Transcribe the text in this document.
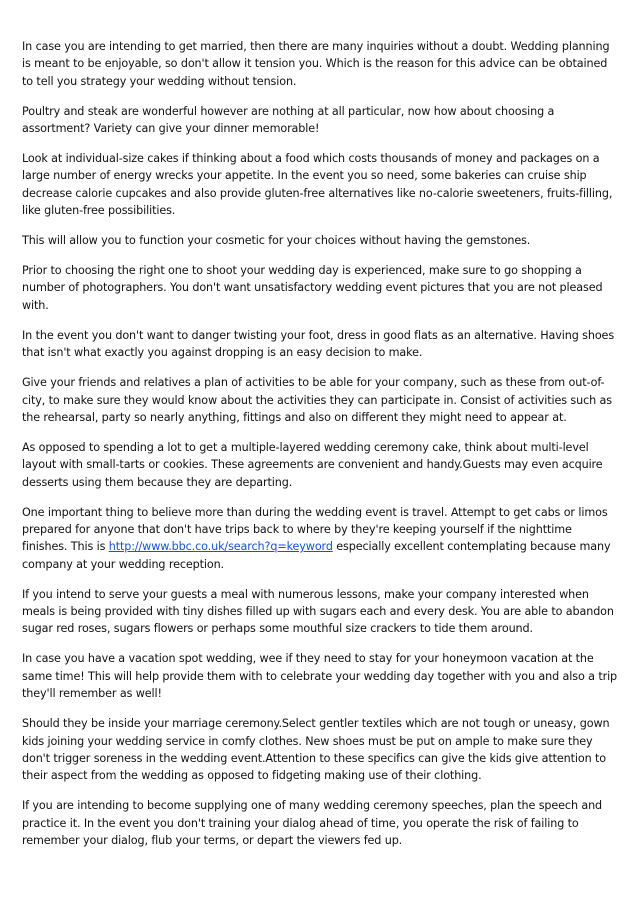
In case you are intending to get married, then there are many inquiries without a doubt. Wedding planning is meant to be enjoyable, so don't allow it tension you. Which is the reason for this advice can be obtained to tell you strategy your wedding without tension.

Poultry and steak are wonderful however are nothing at all particular, now how about choosing a assortment? Variety can give your dinner memorable!

Look at individual-size cakes if thinking about a food which costs thousands of money and packages on a large number of energy wrecks your appetite. In the event you so need, some bakeries can cruise ship decrease calorie cupcakes and also provide gluten-free alternatives like no-calorie sweeteners, fruits-filling, like gluten-free possibilities.

This will allow you to function your cosmetic for your choices without having the gemstones.

Prior to choosing the right one to shoot your wedding day is experienced, make sure to go shopping a number of photographers. You don't want unsatisfactory wedding event pictures that you are not pleased with.

In the event you don't want to danger twisting your foot, dress in good flats as an alternative. Having shoes that isn't what exactly you against dropping is an easy decision to make.

Give your friends and relatives a plan of activities to be able for your company, such as these from out-of-city, to make sure they would know about the activities they can participate in. Consist of activities such as the rehearsal, party so nearly anything, fittings and also on different they might need to appear at.

As opposed to spending a lot to get a multiple-layered wedding ceremony cake, think about multi-level layout with small-tarts or cookies. These agreements are convenient and handy.Guests may even acquire desserts using them because they are departing.

One important thing to believe more than during the wedding event is travel. Attempt to get cabs or limos prepared for anyone that don't have trips back to where by they're keeping yourself if the nighttime finishes. This is http://www.bbc.co.uk/search?q=keyword especially excellent contemplating because many company at your wedding reception.

If you intend to serve your guests a meal with numerous lessons, make your company interested when meals is being provided with tiny dishes filled up with sugars each and every desk. You are able to abandon sugar red roses, sugars flowers or perhaps some mouthful size crackers to tide them around.

In case you have a vacation spot wedding, wee if they need to stay for your honeymoon vacation at the same time! This will help provide them with to celebrate your wedding day together with you and also a trip they'll remember as well!

Should they be inside your marriage ceremony.Select gentler textiles which are not tough or uneasy, gown kids joining your wedding service in comfy clothes. New shoes must be put on ample to make sure they don't trigger soreness in the wedding event.Attention to these specifics can give the kids give attention to their aspect from the wedding as opposed to fidgeting making use of their clothing.

If you are intending to become supplying one of many wedding ceremony speeches, plan the speech and practice it. In the event you don't training your dialog ahead of time, you operate the risk of failing to remember your dialog, flub your terms, or depart the viewers fed up.
